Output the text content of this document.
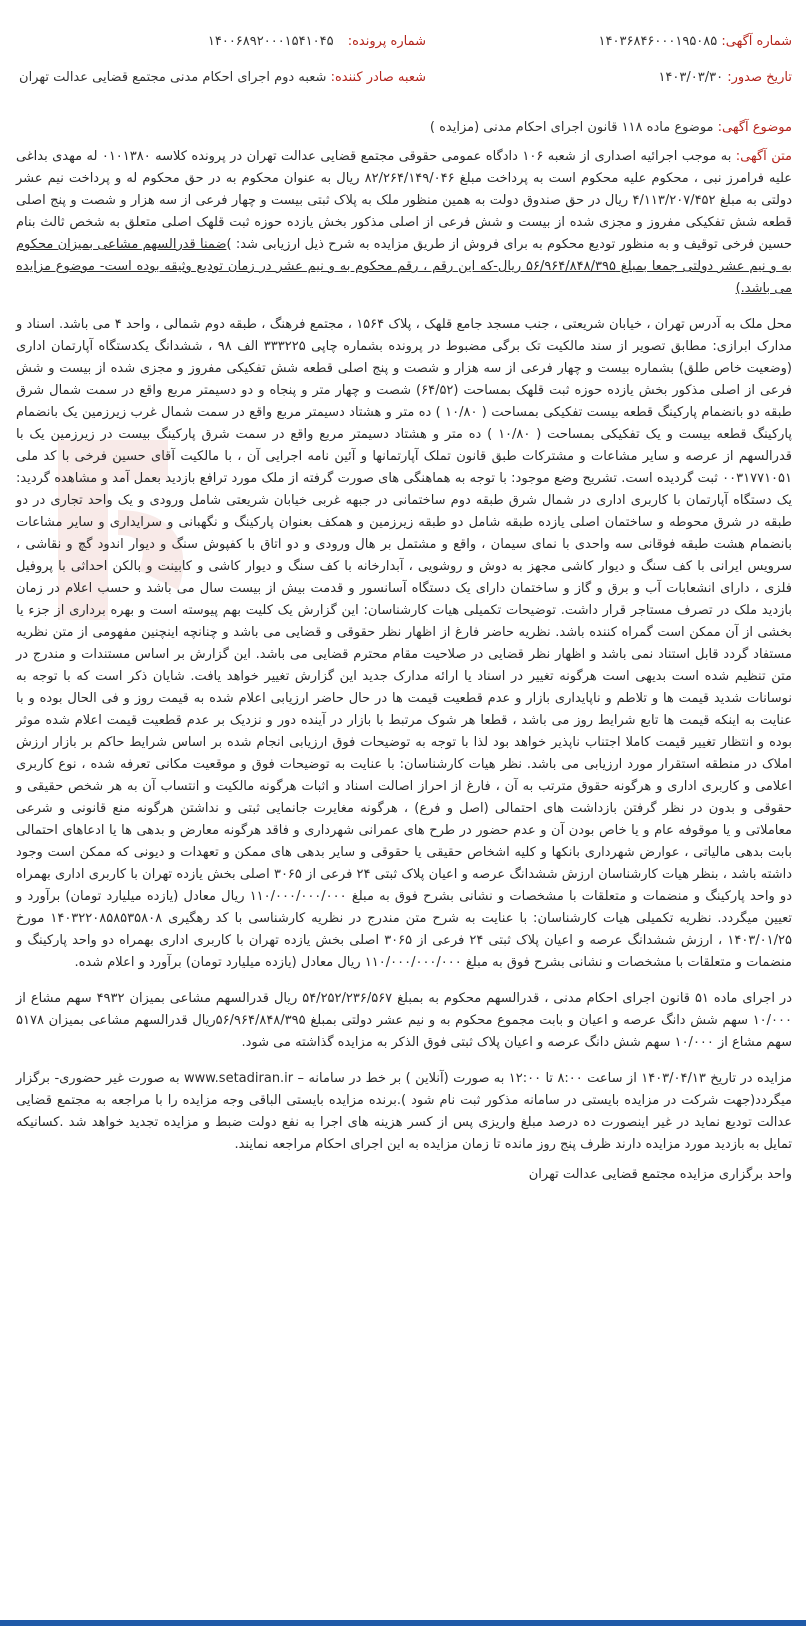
شماره آگهی: ۱۴۰۳۶۸۴۶۰۰۰۱۹۵۰۸۵
شماره پرونده: ۱۴۰۰۶۸۹۲۰۰۰۱۵۴۱۰۴۵
تاریخ صدور: ۱۴۰۳/۰۳/۳۰
شعبه صادر کننده: شعبه دوم اجرای احکام مدنی مجتمع قضایی عدالت تهران
موضوع آگهی: موضوع ماده ۱۱۸ قانون اجرای احکام مدنی (مزایده )

متن آگهی: به موجب اجرائیه اصداری از شعبه ۱۰۶ دادگاه عمومی حقوقی مجتمع قضایی عدالت تهران در پرونده کلاسه ۰۱۰۱۳۸۰ له مهدی بداغی علیه فرامرز نبی ، محکوم علیه محکوم است به پرداخت مبلغ ۸۲/۲۶۴/۱۴۹/۰۴۶ ریال به عنوان محکوم به در حق محکوم له و پرداخت نیم عشر دولتی به مبلغ ۴/۱۱۳/۲۰۷/۴۵۲ ریال در حق صندوق دولت به همین منظور ملک به پلاک ثبتی بیست و چهار فرعی از سه هزار و شصت و پنج اصلی قطعه شش تفکیکی مفروز و مجزی شده از بیست و شش فرعی از اصلی مذکور بخش یازده حوزه ثبت قلهک اصلی متعلق به شخص ثالث بنام حسین فرخی توقیف و به منظور تودیع محکوم به برای فروش از طریق مزایده به شرح ذیل ارزیابی شد: )ضمنا قدرالسهم مشاعی بمیزان محکوم به و نیم عشر دولتی جمعا بمبلغ ۵۶/۹۶۴/۸۴۸/۳۹۵ ریال-که این رقم ، رقم محکوم به و نیم عشر در زمان تودیع وثیقه بوده است- موضوع مزایده می باشد.)

محل ملک به آدرس تهران ، خیابان شریعتی ، جنب مسجد جامع قلهک ، پلاک ۱۵۶۴ ، مجتمع فرهنگ ، طبقه دوم شمالی ، واحد ۴ می باشد. اسناد و مدارک ابرازی: مطابق تصویر از سند مالکیت تک برگی مضبوط در پرونده بشماره چاپی ۳۳۳۲۲۵ الف ۹۸ ، ششدانگ یکدستگاه آپارتمان اداری (وضعیت خاص طلق) بشماره بیست و چهار فرعی از سه هزار و شصت و پنج اصلی قطعه شش تفکیکی مفروز و مجزی شده از بیست و شش فرعی از اصلی مذکور بخش یازده حوزه ثبت قلهک بمساحت (۶۴/۵۲) شصت و چهار متر و پنجاه و دو دسیمتر مربع واقع در سمت شمال شرق طبقه دو بانضمام پارکینگ قطعه بیست تفکیکی بمساحت ( ۱۰/۸۰ ) ده متر و هشتاد دسیمتر مربع واقع در سمت شمال غرب زیرزمین یک بانضمام پارکینگ قطعه بیست و یک تفکیکی بمساحت ( ۱۰/۸۰ ) ده متر و هشتاد دسیمتر مربع واقع در سمت شرق پارکینگ بیست در زیرزمین یک با قدرالسهم از عرصه و سایر مشاعات و مشترکات طبق قانون تملک آپارتمانها و آئین نامه اجرایی آن ، با مالکیت آقای حسین فرخی با کد ملی ۰۰۳۱۷۷۱۰۵۱ ثبت گردیده است. تشریح وضع موجود: با توجه به هماهنگی های صورت گرفته از ملک مورد ترافع بازدید بعمل آمد و مشاهده گردید: یک دستگاه آپارتمان با کاربری اداری در شمال شرق طبقه دوم ساختمانی در جبهه غربی خیابان شریعتی شامل ورودی و یک واحد تجاری در دو طبقه در شرق محوطه و ساختمان اصلی یازده طبقه شامل دو طبقه زیرزمین و همکف بعنوان پارکینگ و نگهبانی و سرایداری و سایر مشاعات بانضمام هشت طبقه فوقانی سه واحدی با نمای سیمان ، واقع و مشتمل بر هال ورودی و دو اتاق با کفپوش سنگ و دیوار اندود گچ و نقاشی ، سرویس ایرانی با کف سنگ و دیوار کاشی مجهز به دوش و روشویی ، آبدارخانه با کف سنگ و دیوار کاشی و کابینت و بالکن احداثی با پروفیل فلزی ، دارای انشعابات آب و برق و گاز و ساختمان دارای یک دستگاه آسانسور و قدمت بیش از بیست سال می باشد و حسب اعلام در زمان بازدید ملک در تصرف مستاجر قرار داشت. توضیحات تکمیلی هیات کارشناسان: این گزارش یک کلیت بهم پیوسته است و بهره برداری از جزء یا بخشی از آن ممکن است گمراه کننده باشد. نظریه حاضر فارغ از اظهار نظر حقوقی و قضایی می باشد و چنانچه اینچنین مفهومی از متن نظریه مستفاد گردد قابل استناد نمی باشد و اظهار نظر قضایی در صلاحیت مقام محترم قضایی می باشد. این گزارش بر اساس مستندات و مندرج در متن تنظیم شده است بدیهی است هرگونه تغییر در اسناد یا ارائه مدارک جدید این گزارش تغییر خواهد یافت. شایان ذکر است که با توجه به نوسانات شدید قیمت ها و تلاطم و ناپایداری بازار و عدم قطعیت قیمت ها در حال حاضر ارزیابی اعلام شده به قیمت روز و فی الحال بوده و با عنایت به اینکه قیمت ها تابع شرایط روز می باشد ، قطعا هر شوک مرتبط با بازار در آینده دور و نزدیک بر عدم قطعیت قیمت اعلام شده موثر بوده و انتظار تغییر قیمت کاملا اجتناب ناپذیر خواهد بود لذا با توجه به توضیحات فوق ارزیابی انجام شده بر اساس شرایط حاکم بر بازار ارزش املاک در منطقه استقرار مورد ارزیابی می باشد. نظر هیات کارشناسان: با عنایت به توضیحات فوق و موقعیت مکانی تعرفه شده ، نوع کاربری اعلامی و کاربری اداری و هرگونه حقوق مترتب به آن ، فارغ از احراز اصالت اسناد و اثبات هرگونه مالکیت و انتساب آن به هر شخص حقیقی و حقوقی و بدون در نظر گرفتن بازداشت های احتمالی (اصل و فرع) ، هرگونه مغایرت جانمایی ثبتی و نداشتن هرگونه منع قانونی و شرعی معاملاتی و یا موقوفه عام و یا خاص بودن آن و عدم حضور در طرح های عمرانی شهرداری و فاقد هرگونه معارض و بدهی ها یا ادعاهای احتمالی بابت بدهی مالیاتی ، عوارض شهرداری بانکها و کلیه اشخاص حقیقی یا حقوقی و سایر بدهی های ممکن و تعهدات و دیونی که ممکن است وجود داشته باشد ، بنظر هیات کارشناسان ارزش ششدانگ عرصه و اعیان پلاک ثبتی ۲۴ فرعی از ۳۰۶۵ اصلی بخش یازده تهران با کاربری اداری بهمراه دو واحد پارکینگ و منضمات و متعلقات با مشخصات و نشانی بشرح فوق به مبلغ ۱۱۰/۰۰۰/۰۰۰/۰۰۰ ریال معادل (یازده میلیارد تومان) برآورد و تعیین میگردد. نظریه تکمیلی هیات کارشناسان: با عنایت به شرح متن مندرج در نظریه کارشناسی با کد رهگیری ۱۴۰۳۲۲۰۸۵۸۵۳۵۸۰۸ مورخ ۱۴۰۳/۰۱/۲۵ ، ارزش ششدانگ عرصه و اعیان پلاک ثبتی ۲۴ فرعی از ۳۰۶۵ اصلی بخش یازده تهران با کاربری اداری بهمراه دو واحد پارکینگ و منضمات و متعلقات با مشخصات و نشانی بشرح فوق به مبلغ ۱۱۰/۰۰۰/۰۰۰/۰۰۰ ریال معادل (یازده میلیارد تومان) برآورد و اعلام شده.

در اجرای ماده ۵۱ قانون اجرای احکام مدنی ، قدرالسهم محکوم به بمبلغ ۵۴/۲۵۲/۲۳۶/۵۶۷ ریال قدرالسهم مشاعی بمیزان ۴۹۳۲ سهم مشاع از ۱۰/۰۰۰ سهم شش دانگ عرصه و اعیان و بابت مجموع محکوم به و نیم عشر دولتی بمبلغ ۵۶/۹۶۴/۸۴۸/۳۹۵ریال قدرالسهم مشاعی بمیزان ۵۱۷۸ سهم مشاع از ۱۰/۰۰۰ سهم شش دانگ عرصه و اعیان پلاک ثبتی فوق الذکر به مزایده گذاشته می شود.

مزایده در تاریخ ۱۴۰۳/۰۴/۱۳ از ساعت ۸:۰۰ تا ۱۲:۰۰ به صورت (آنلاین ) بر خط در سامانه – www.setadiran.ir به صورت غیر حضوری- برگزار میگردد(جهت شرکت در مزایده بایستی در سامانه مذکور ثبت نام شود ).برنده مزایده بایستی الباقی وجه مزایده را با مراجعه به مجتمع قضایی عدالت تودیع نماید در غیر اینصورت ده درصد مبلغ واریزی پس از کسر هزینه های اجرا به نفع دولت ضبط و مزایده تجدید خواهد شد .کسانیکه تمایل به بازدید مورد مزایده دارند ظرف پنج روز مانده تا زمان مزایده به این اجرای احکام مراجعه نمایند.

واحد برگزاری مزایده مجتمع قضایی عدالت تهران
